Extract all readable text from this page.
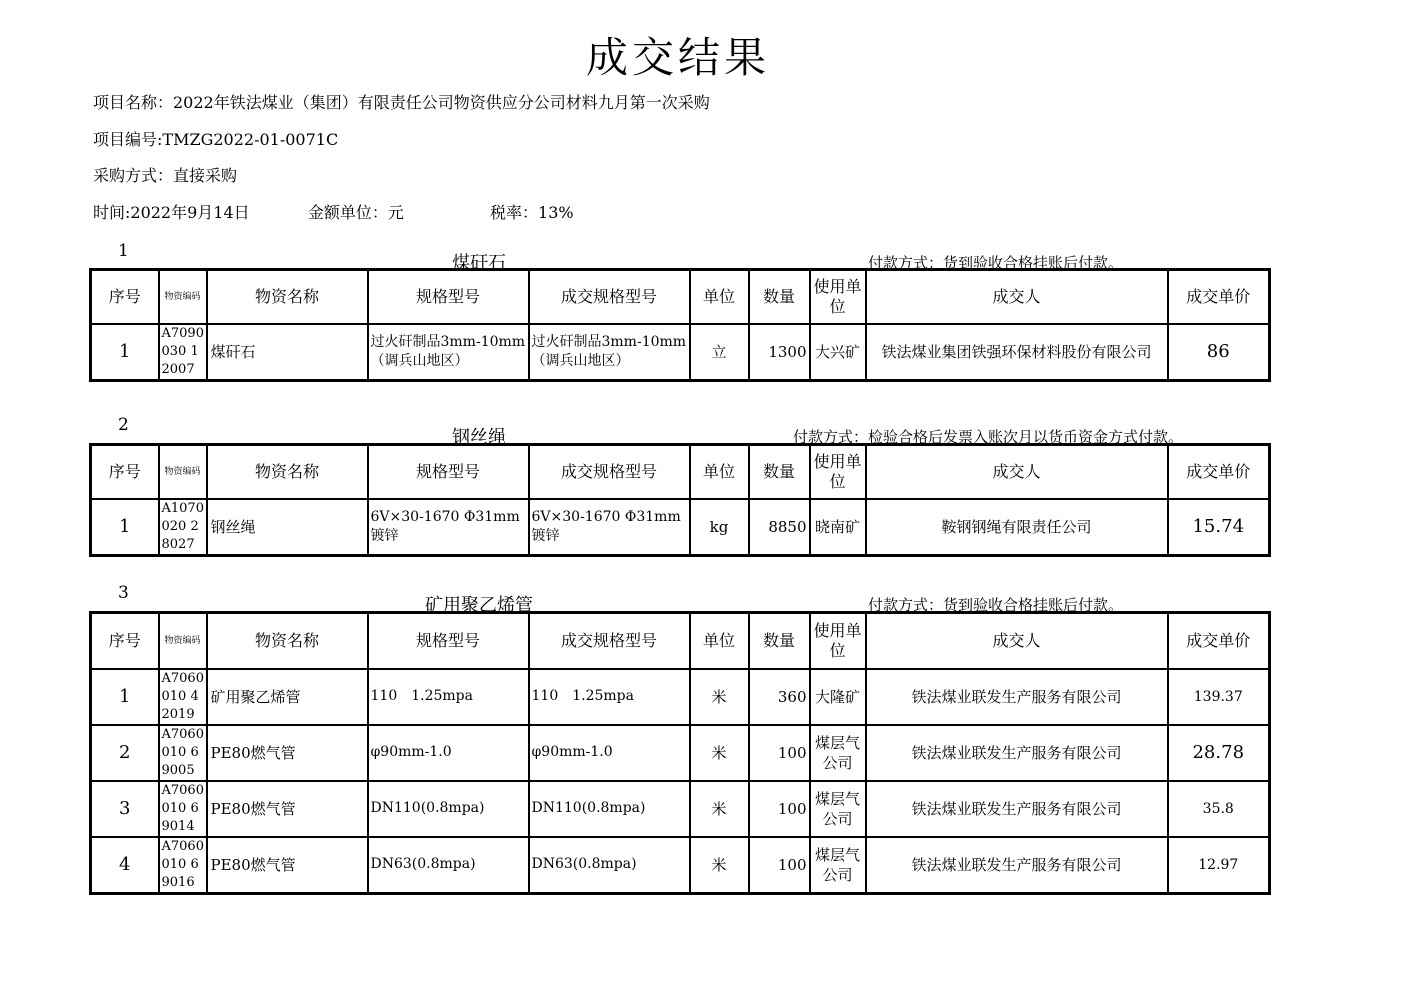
成交结果
项目名称：2022年铁法煤业（集团）有限责任公司物资供应分公司材料九月第一次采购
项目编号:TMZG2022-01-0071C
采购方式：直接采购
时间:2022年9月14日	金额单位：元	税率：13%
1
煤矸石	付款方式：货到验收合格挂账后付款。
序号	物资编码	物资名称	规格型号	成交规格型号	单位	数量	使用单位	成交人	成交单价
1	A7090030 12007	煤矸石	过火矸制品3mm-10mm（调兵山地区）	过火矸制品3mm-10mm（调兵山地区）	立	1300	大兴矿	铁法煤业集团铁强环保材料股份有限公司	86
2
钢丝绳	付款方式：检验合格后发票入账次月以货币资金方式付款。
序号	物资编码	物资名称	规格型号	成交规格型号	单位	数量	使用单位	成交人	成交单价
1	A1070020 28027	钢丝绳	6V×30-1670 Φ31mm镀锌	6V×30-1670 Φ31mm镀锌	kg	8850	晓南矿	鞍钢钢绳有限责任公司	15.74
3
矿用聚乙烯管	付款方式：货到验收合格挂账后付款。
序号	物资编码	物资名称	规格型号	成交规格型号	单位	数量	使用单位	成交人	成交单价
1	A7060010 42019	矿用聚乙烯管	110　1.25mpa	110　1.25mpa	米	360	大隆矿	铁法煤业联发生产服务有限公司	139.37
2	A7060010 69005	PE80燃气管	φ90mm-1.0	φ90mm-1.0	米	100	煤层气公司	铁法煤业联发生产服务有限公司	28.78
3	A7060010 69014	PE80燃气管	DN110(0.8mpa)	DN110(0.8mpa)	米	100	煤层气公司	铁法煤业联发生产服务有限公司	35.8
4	A7060010 69016	PE80燃气管	DN63(0.8mpa)	DN63(0.8mpa)	米	100	煤层气公司	铁法煤业联发生产服务有限公司	12.97
